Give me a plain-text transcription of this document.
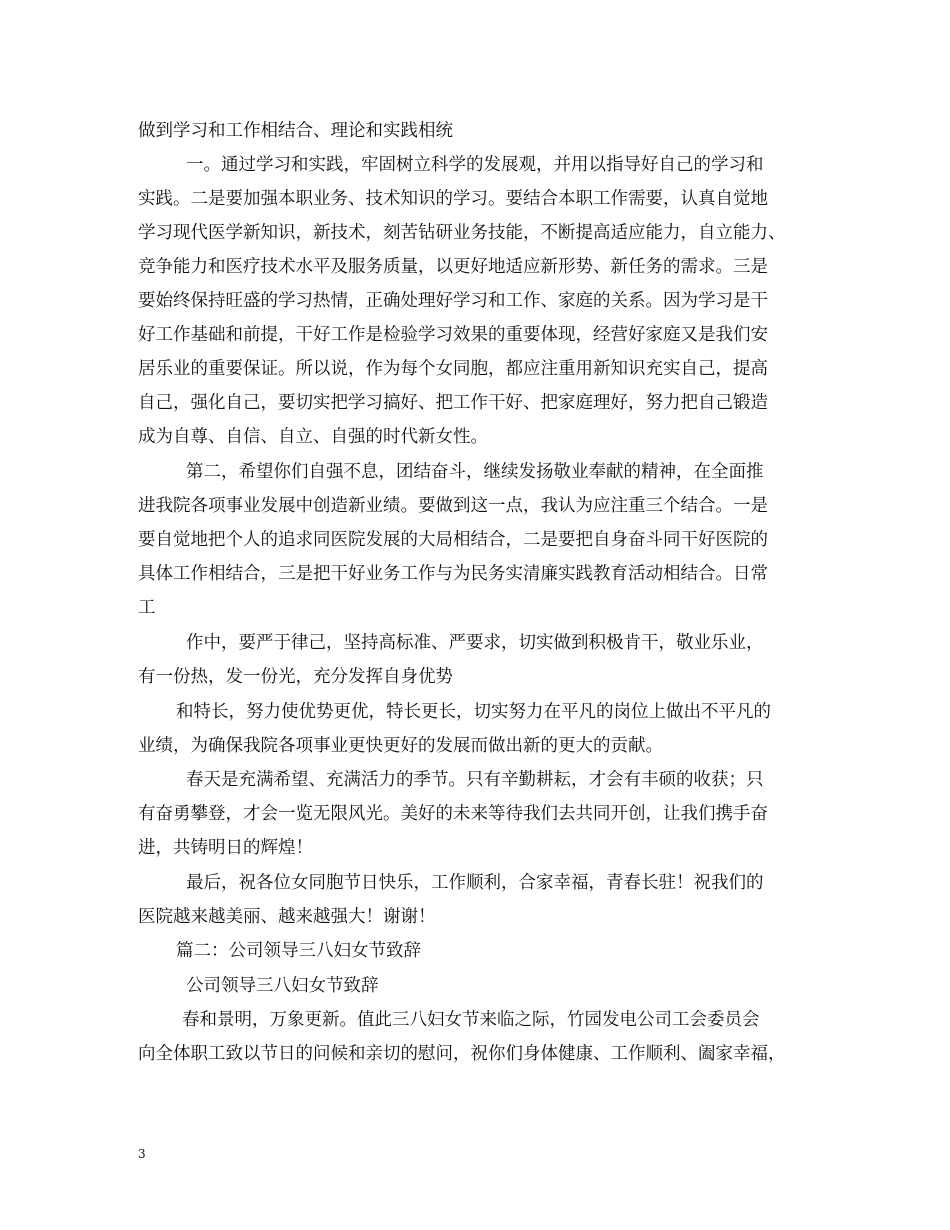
做到学习和工作相结合、理论和实践相统
一。通过学习和实践，牢固树立科学的发展观，并用以指导好自己的学习和
实践。二是要加强本职业务、技术知识的学习。要结合本职工作需要，认真自觉地
学习现代医学新知识，新技术，刻苦钻研业务技能，不断提高适应能力，自立能力、
竞争能力和医疗技术水平及服务质量，以更好地适应新形势、新任务的需求。三是
要始终保持旺盛的学习热情，正确处理好学习和工作、家庭的关系。因为学习是干
好工作基础和前提，干好工作是检验学习效果的重要体现，经营好家庭又是我们安
居乐业的重要保证。所以说，作为每个女同胞，都应注重用新知识充实自己，提高
自己，强化自己，要切实把学习搞好、把工作干好、把家庭理好，努力把自己锻造
成为自尊、自信、自立、自强的时代新女性。
第二，希望你们自强不息，团结奋斗，继续发扬敬业奉献的精神，在全面推
进我院各项事业发展中创造新业绩。要做到这一点，我认为应注重三个结合。一是
要自觉地把个人的追求同医院发展的大局相结合，二是要把自身奋斗同干好医院的
具体工作相结合，三是把干好业务工作与为民务实清廉实践教育活动相结合。日常
工
作中，要严于律己，坚持高标准、严要求，切实做到积极肯干，敬业乐业，
有一份热，发一份光，充分发挥自身优势
和特长，努力使优势更优，特长更长，切实努力在平凡的岗位上做出不平凡的
业绩，为确保我院各项事业更快更好的发展而做出新的更大的贡献。
春天是充满希望、充满活力的季节。只有辛勤耕耘，才会有丰硕的收获；只
有奋勇攀登，才会一览无限风光。美好的未来等待我们去共同开创，让我们携手奋
进，共铸明日的辉煌！
最后，祝各位女同胞节日快乐，工作顺利，合家幸福，青春长驻！祝我们的
医院越来越美丽、越来越强大！谢谢！
篇二：公司领导三八妇女节致辞
公司领导三八妇女节致辞
春和景明，万象更新。值此三八妇女节来临之际，竹园发电公司工会委员会
向全体职工致以节日的问候和亲切的慰问，祝你们身体健康、工作顺利、阖家幸福，
3
